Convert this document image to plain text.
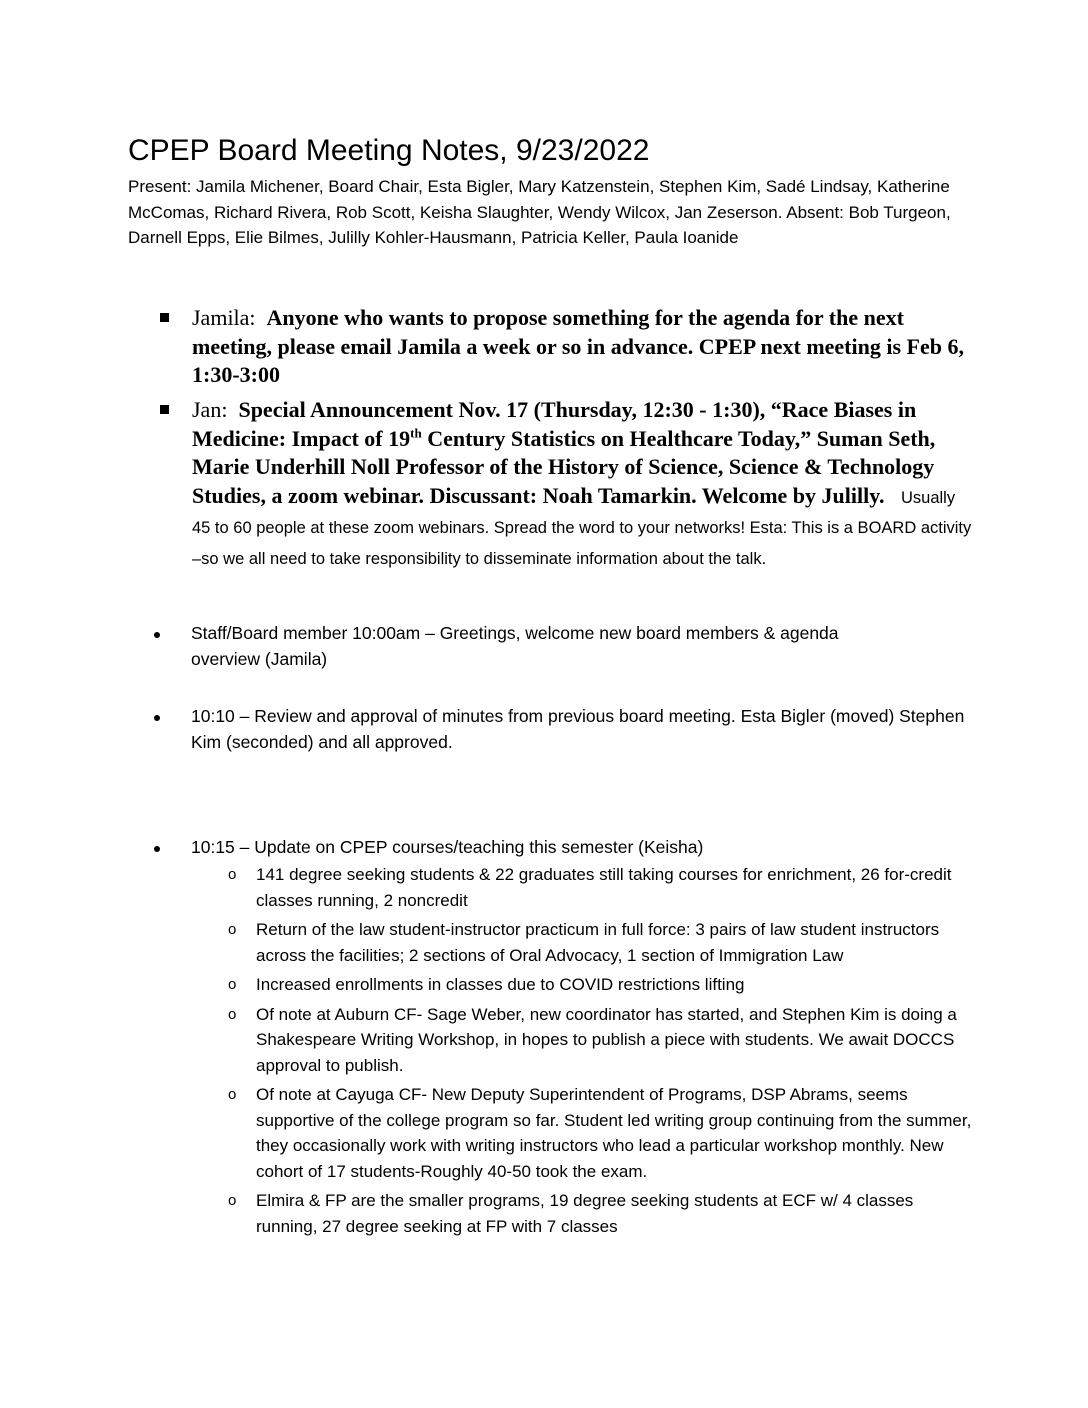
CPEP Board Meeting Notes, 9/23/2022

Present: Jamila Michener, Board Chair, Esta Bigler, Mary Katzenstein, Stephen Kim, Sadé Lindsay, Katherine McComas, Richard Rivera, Rob Scott, Keisha Slaughter, Wendy Wilcox, Jan Zeserson. Absent: Bob Turgeon, Darnell Epps, Elie Bilmes, Julilly Kohler-Hausmann, Patricia Keller, Paula Ioanide

Jamila: Anyone who wants to propose something for the agenda for the next meeting, please email Jamila a week or so in advance. CPEP next meeting is Feb 6, 1:30-3:00
Jan: Special Announcement Nov. 17 (Thursday, 12:30 - 1:30), “Race Biases in Medicine: Impact of 19th Century Statistics on Healthcare Today,” Suman Seth, Marie Underhill Noll Professor of the History of Science, Science & Technology Studies, a zoom webinar. Discussant: Noah Tamarkin. Welcome by Julilly. Usually 45 to 60 people at these zoom webinars. Spread the word to your networks! Esta: This is a BOARD activity –so we all need to take responsibility to disseminate information about the talk.
Staff/Board member 10:00am – Greetings, welcome new board members & agenda overview (Jamila)
10:10 – Review and approval of minutes from previous board meeting. Esta Bigler (moved) Stephen Kim (seconded) and all approved.
10:15 – Update on CPEP courses/teaching this semester (Keisha)
o 141 degree seeking students & 22 graduates still taking courses for enrichment, 26 for-credit classes running, 2 noncredit
o Return of the law student-instructor practicum in full force: 3 pairs of law student instructors across the facilities; 2 sections of Oral Advocacy, 1 section of Immigration Law
o Increased enrollments in classes due to COVID restrictions lifting
o Of note at Auburn CF- Sage Weber, new coordinator has started, and Stephen Kim is doing a Shakespeare Writing Workshop, in hopes to publish a piece with students. We await DOCCS approval to publish.
o Of note at Cayuga CF- New Deputy Superintendent of Programs, DSP Abrams, seems supportive of the college program so far. Student led writing group continuing from the summer, they occasionally work with writing instructors who lead a particular workshop monthly. New cohort of 17 students-Roughly 40-50 took the exam.
o Elmira & FP are the smaller programs, 19 degree seeking students at ECF w/ 4 classes running, 27 degree seeking at FP with 7 classes
